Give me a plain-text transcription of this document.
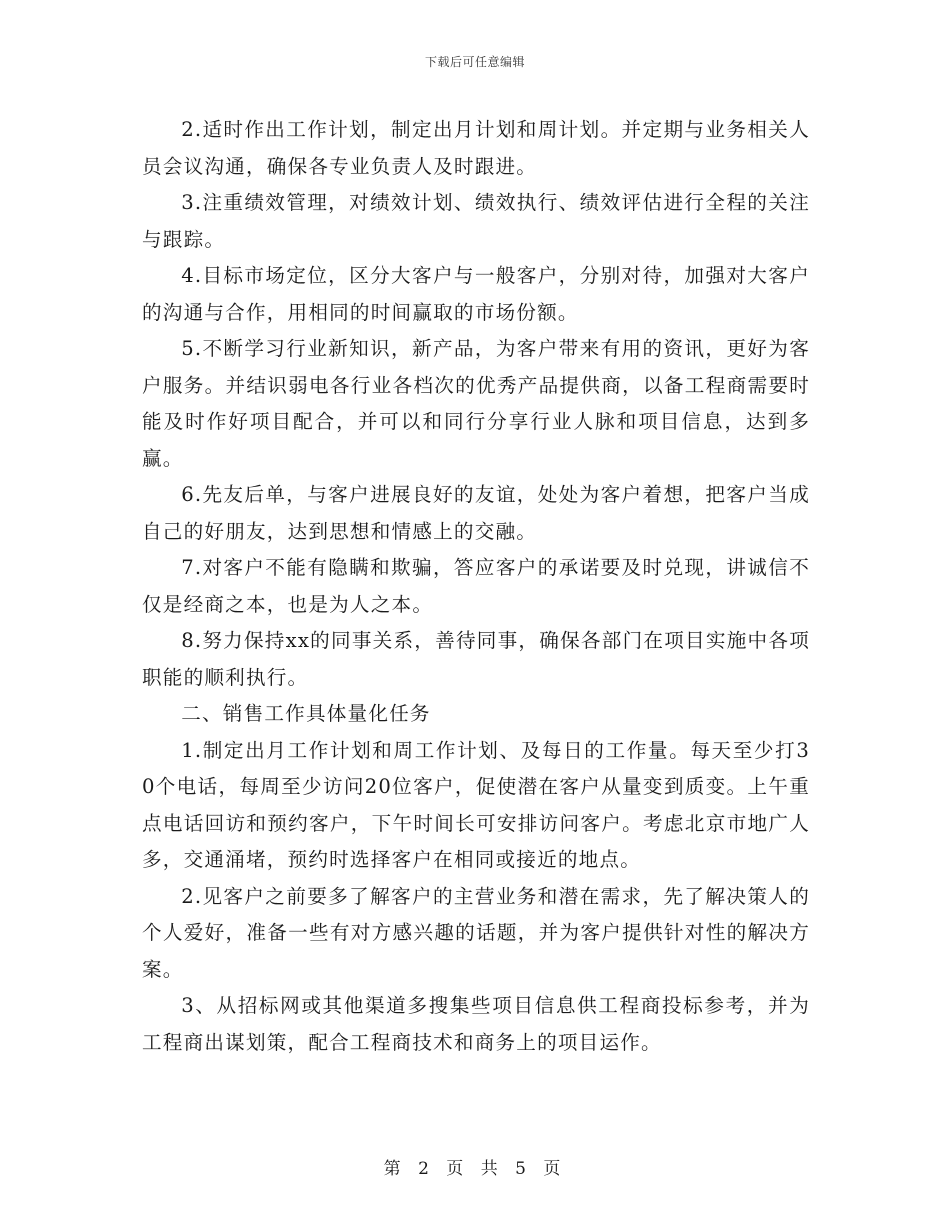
下载后可任意编辑

2.适时作出工作计划，制定出月计划和周计划。并定期与业务相关人员会议沟通，确保各专业负责人及时跟进。

3.注重绩效管理，对绩效计划、绩效执行、绩效评估进行全程的关注与跟踪。

4.目标市场定位，区分大客户与一般客户，分别对待，加强对大客户的沟通与合作，用相同的时间赢取的市场份额。

5.不断学习行业新知识，新产品，为客户带来有用的资讯，更好为客户服务。并结识弱电各行业各档次的优秀产品提供商，以备工程商需要时能及时作好项目配合，并可以和同行分享行业人脉和项目信息，达到多赢。

6.先友后单，与客户进展良好的友谊，处处为客户着想，把客户当成自己的好朋友，达到思想和情感上的交融。

7.对客户不能有隐瞒和欺骗，答应客户的承诺要及时兑现，讲诚信不仅是经商之本，也是为人之本。

8.努力保持xx的同事关系，善待同事，确保各部门在项目实施中各项职能的顺利执行。

二、销售工作具体量化任务

1.制定出月工作计划和周工作计划、及每日的工作量。每天至少打30个电话，每周至少访问20位客户，促使潜在客户从量变到质变。上午重点电话回访和预约客户，下午时间长可安排访问客户。考虑北京市地广人多，交通涌堵，预约时选择客户在相同或接近的地点。

2.见客户之前要多了解客户的主营业务和潜在需求，先了解决策人的个人爱好，准备一些有对方感兴趣的话题，并为客户提供针对性的解决方案。

3、从招标网或其他渠道多搜集些项目信息供工程商投标参考，并为工程商出谋划策，配合工程商技术和商务上的项目运作。

第 2 页 共 5 页
